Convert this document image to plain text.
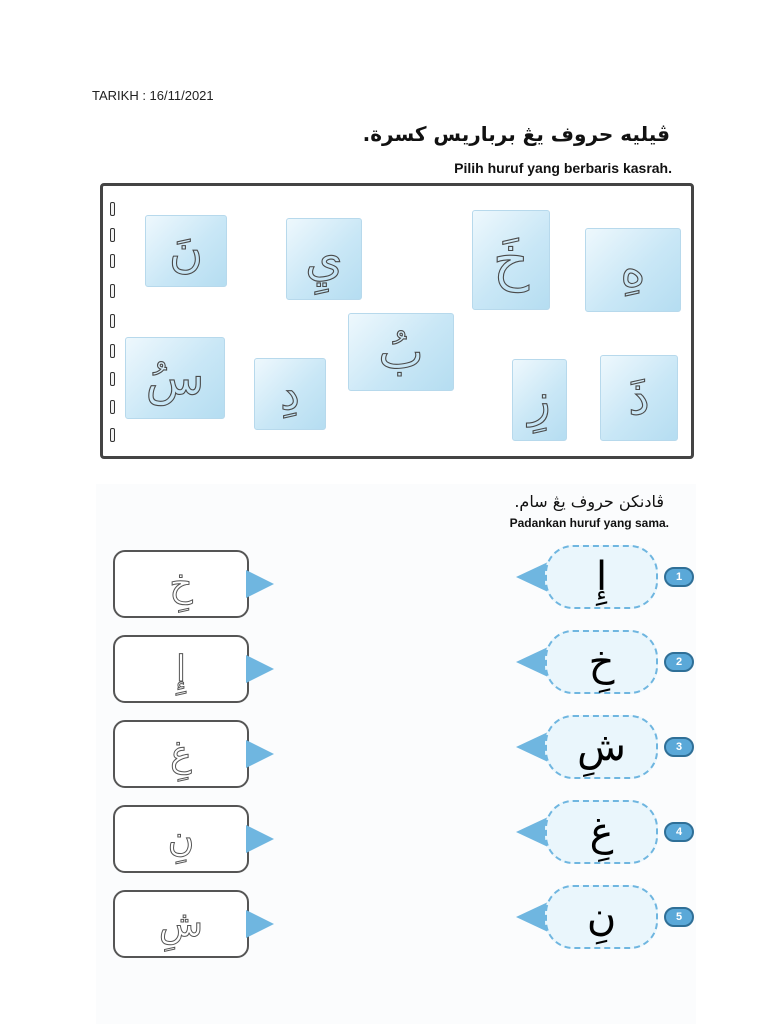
TARIKH : 16/11/2021
ڤيليه حروف يڠ برباريس کسرة.
Pilih huruf yang berbaris kasrah.
نَ	يِ	خَ	هِ
سُ	دِ
بُ
زِ	ذَ
ڤادنکن حروف يڠ سام.
Padankan huruf yang sama.
خِ	إِ	1
إِ	خِ	2
غِ	شِ	3
نِ	غِ	4
شِ	نِ	5
